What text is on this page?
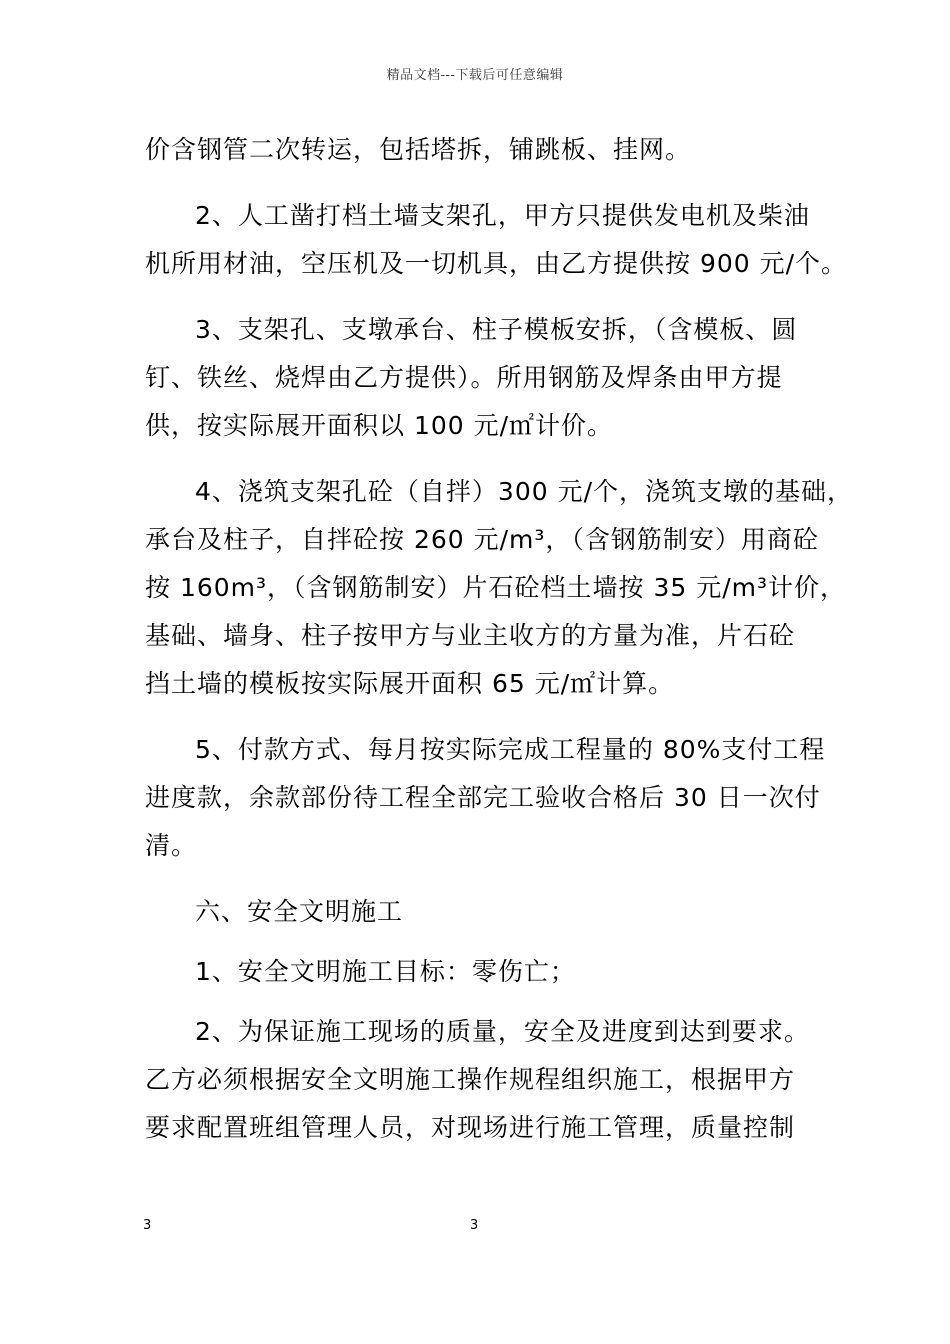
精品文档---下载后可任意编辑
价含钢管二次转运，包括塔拆，铺跳板、挂网。
2、人工凿打档土墙支架孔，甲方只提供发电机及柴油
机所用材油，空压机及一切机具，由乙方提供按 900 元/个。
3、支架孔、支墩承台、柱子模板安拆，（含模板、圆
钉、铁丝、烧焊由乙方提供）。所用钢筋及焊条由甲方提
供，按实际展开面积以 100 元/㎡计价。
4、浇筑支架孔砼（自拌）300 元/个，浇筑支墩的基础，
承台及柱子，自拌砼按 260 元/m³，（含钢筋制安）用商砼
按 160m³，（含钢筋制安）片石砼档土墙按 35 元/m³计价，
基础、墙身、柱子按甲方与业主收方的方量为准，片石砼
挡土墙的模板按实际展开面积 65 元/㎡计算。
5、付款方式、每月按实际完成工程量的 80%支付工程
进度款，余款部份待工程全部完工验收合格后 30 日一次付
清。
六、安全文明施工
1、安全文明施工目标：零伤亡；
2、为保证施工现场的质量，安全及进度到达到要求。
乙方必须根据安全文明施工操作规程组织施工，根据甲方
要求配置班组管理人员，对现场进行施工管理，质量控制
3	3
